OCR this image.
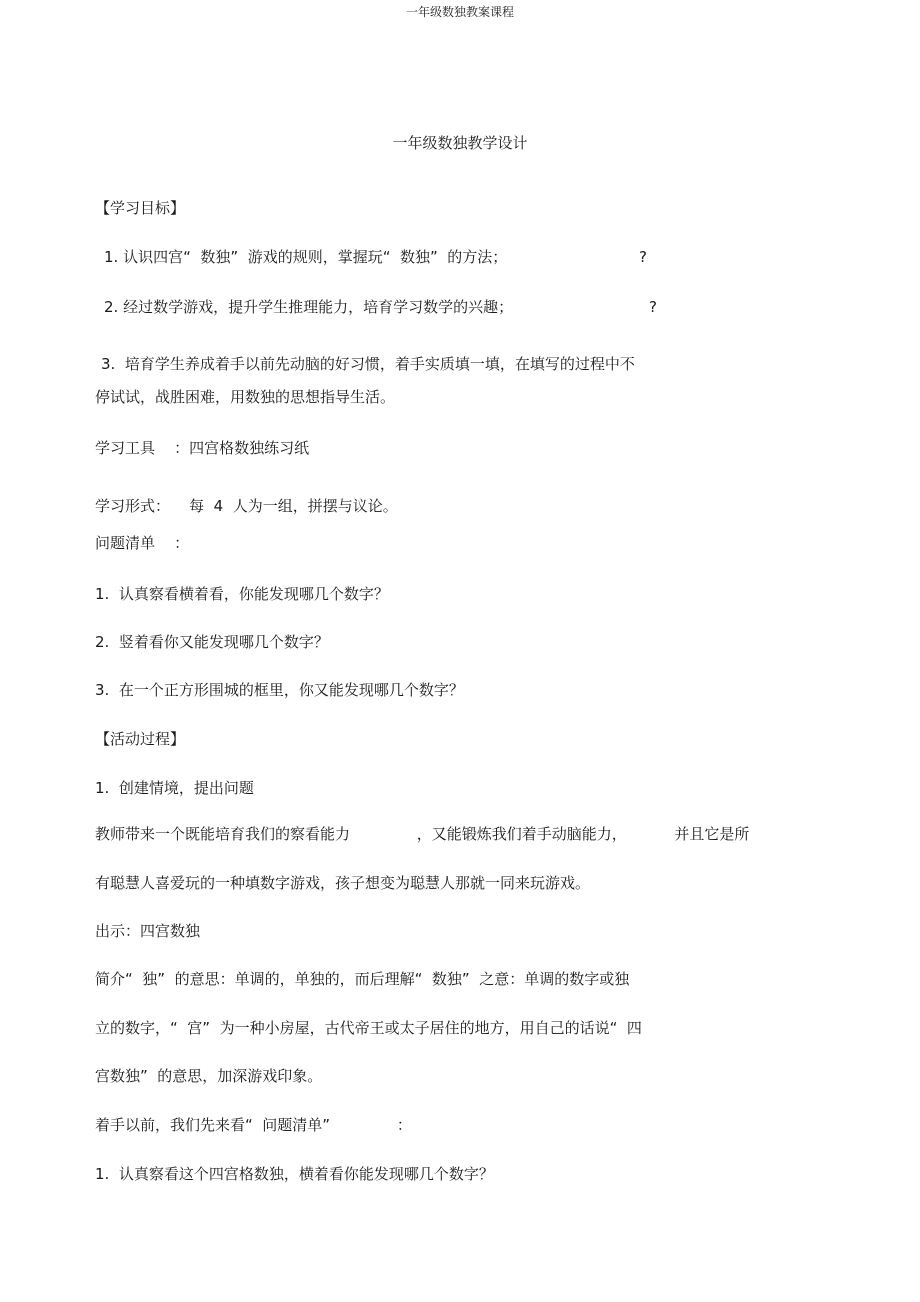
一年级数独教案课程
一年级数独教学设计
【学习目标】
1. 认识四宫“  数独”  游戏的规则，掌握玩“  数独”  的方法；	?
2. 经过数学游戏，提升学生推理能力，培育学习数学的兴趣；	?
3.  培育学生养成着手以前先动脑的好习惯，着手实质填一填，在填写的过程中不
停试试，战胜困难，用数独的思想指导生活。
学习工具    ：四宫格数独练习纸
学习形式：    每  4  人为一组，拼摆与议论。
问题清单    ：
1.  认真察看横着看，你能发现哪几个数字？
2.  竖着看你又能发现哪几个数字？
3.  在一个正方形围城的框里，你又能发现哪几个数字？
【活动过程】
1.  创建情境，提出问题
教师带来一个既能培育我们的察看能力              ，又能锻炼我们着手动脑能力，          并且它是所
有聪慧人喜爱玩的一种填数字游戏，孩子想变为聪慧人那就一同来玩游戏。
出示：四宫数独
简介“  独”  的意思：单调的，单独的，而后理解“  数独”  之意：单调的数字或独
立的数字，“  宫”  为一种小房屋，古代帝王或太子居住的地方，用自己的话说“  四
宫数独”  的意思，加深游戏印象。
着手以前，我们先来看“  问题清单”              ：
1.  认真察看这个四宫格数独，横着看你能发现哪几个数字？
